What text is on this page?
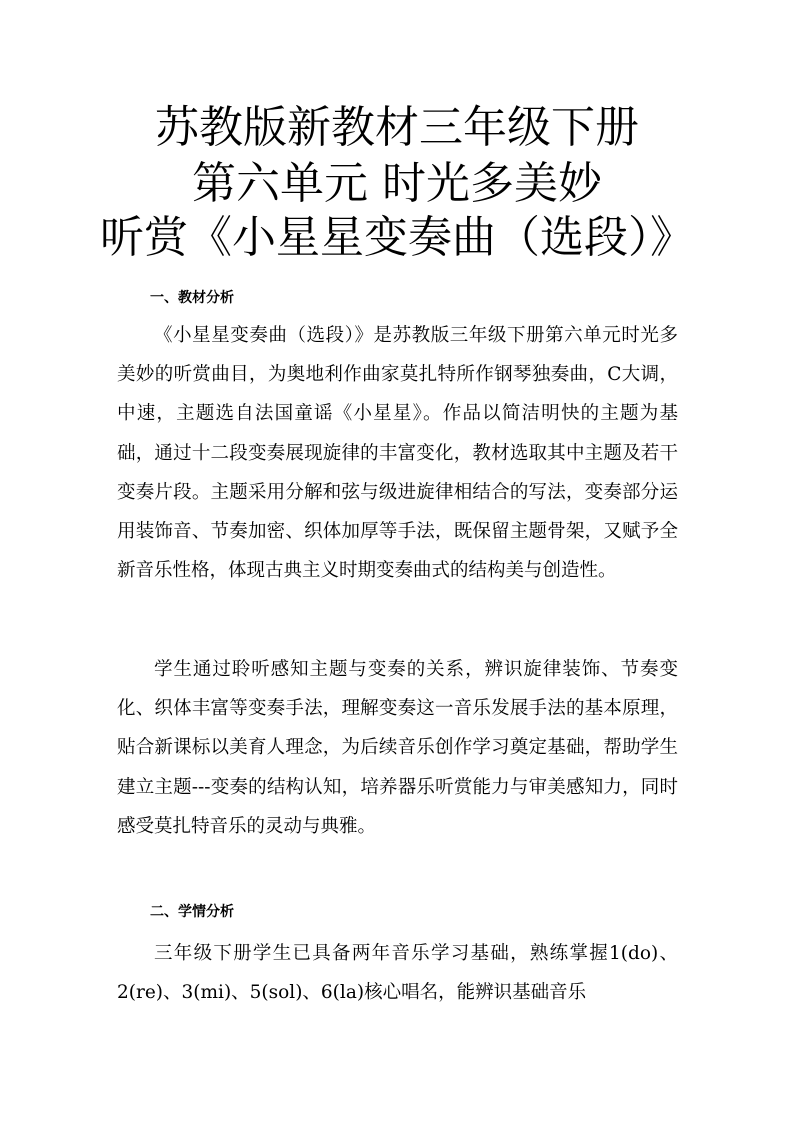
苏教版新教材三年级下册
第六单元 时光多美妙
听赏《小星星变奏曲（选段）》
一、教材分析

《小星星变奏曲（选段）》是苏教版三年级下册第六单元时光多美妙的听赏曲目，为奥地利作曲家莫扎特所作钢琴独奏曲，C大调，中速，主题选自法国童谣《小星星》。作品以简洁明快的主题为基础，通过十二段变奏展现旋律的丰富变化，教材选取其中主题及若干变奏片段。主题采用分解和弦与级进旋律相结合的写法，变奏部分运用装饰音、节奏加密、织体加厚等手法，既保留主题骨架，又赋予全新音乐性格，体现古典主义时期变奏曲式的结构美与创造性。

学生通过聆听感知主题与变奏的关系，辨识旋律装饰、节奏变化、织体丰富等变奏手法，理解变奏这一音乐发展手法的基本原理，贴合新课标以美育人理念，为后续音乐创作学习奠定基础，帮助学生建立主题---变奏的结构认知，培养器乐听赏能力与审美感知力，同时感受莫扎特音乐的灵动与典雅。

二、学情分析

三年级下册学生已具备两年音乐学习基础，熟练掌握1(do)、2(re)、3(mi)、5(sol)、6(la)核心唱名，能辨识基础音乐
